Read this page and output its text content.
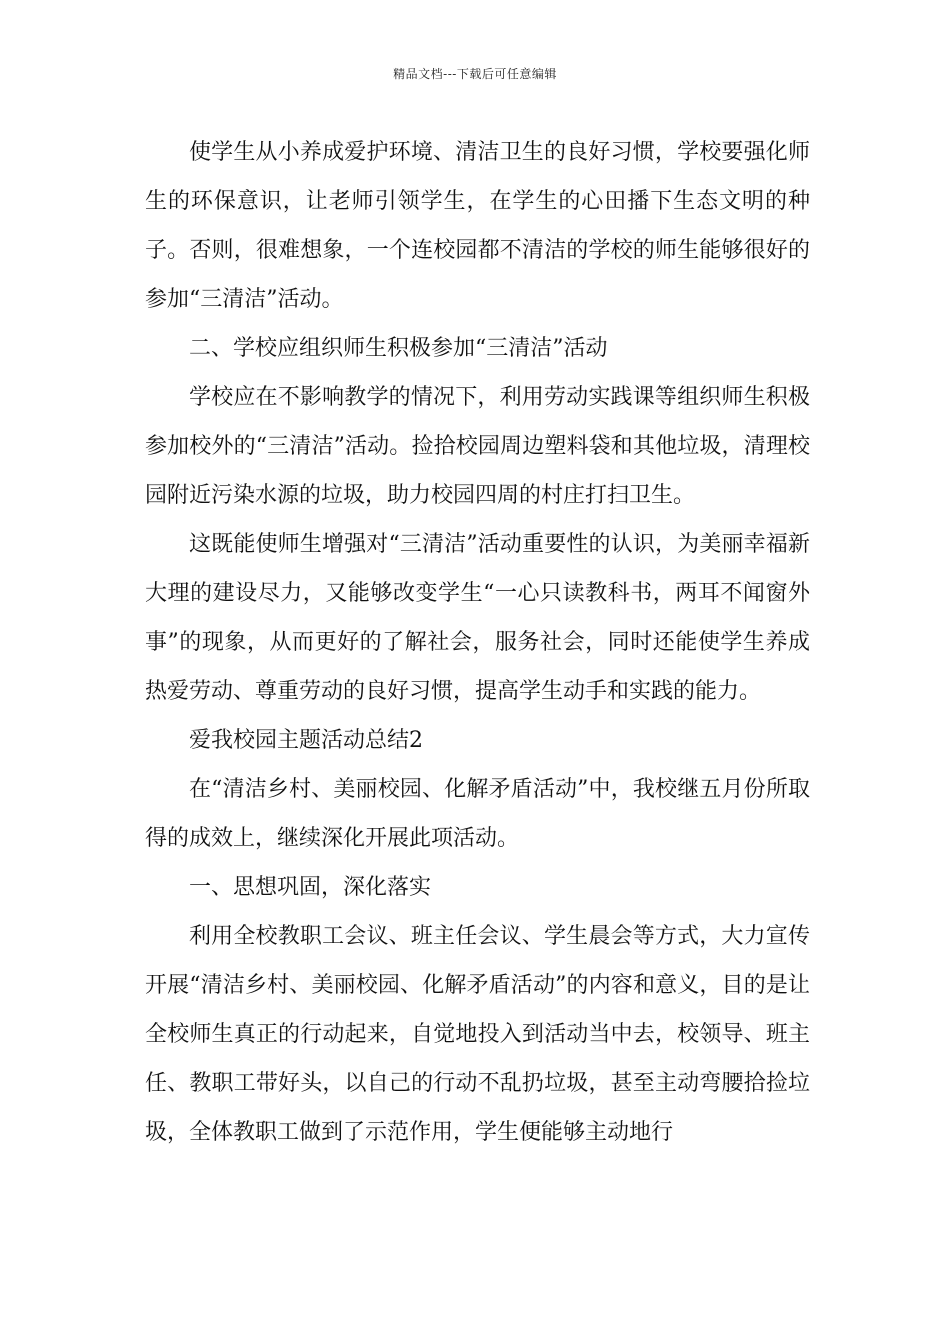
精品文档---下载后可任意编辑

使学生从小养成爱护环境、清洁卫生的良好习惯，学校要强化师生的环保意识，让老师引领学生，在学生的心田播下生态文明的种子。否则，很难想象，一个连校园都不清洁的学校的师生能够很好的参加“三清洁”活动。

二、学校应组织师生积极参加“三清洁”活动

学校应在不影响教学的情况下，利用劳动实践课等组织师生积极参加校外的“三清洁”活动。捡拾校园周边塑料袋和其他垃圾，清理校园附近污染水源的垃圾，助力校园四周的村庄打扫卫生。

这既能使师生增强对“三清洁”活动重要性的认识，为美丽幸福新大理的建设尽力，又能够改变学生“一心只读教科书，两耳不闻窗外事”的现象，从而更好的了解社会，服务社会，同时还能使学生养成热爱劳动、尊重劳动的良好习惯，提高学生动手和实践的能力。

爱我校园主题活动总结2

在“清洁乡村、美丽校园、化解矛盾活动”中，我校继五月份所取得的成效上，继续深化开展此项活动。

一、思想巩固，深化落实

利用全校教职工会议、班主任会议、学生晨会等方式，大力宣传开展“清洁乡村、美丽校园、化解矛盾活动”的内容和意义，目的是让全校师生真正的行动起来，自觉地投入到活动当中去，校领导、班主任、教职工带好头，以自己的行动不乱扔垃圾，甚至主动弯腰拾捡垃圾，全体教职工做到了示范作用，学生便能够主动地行
